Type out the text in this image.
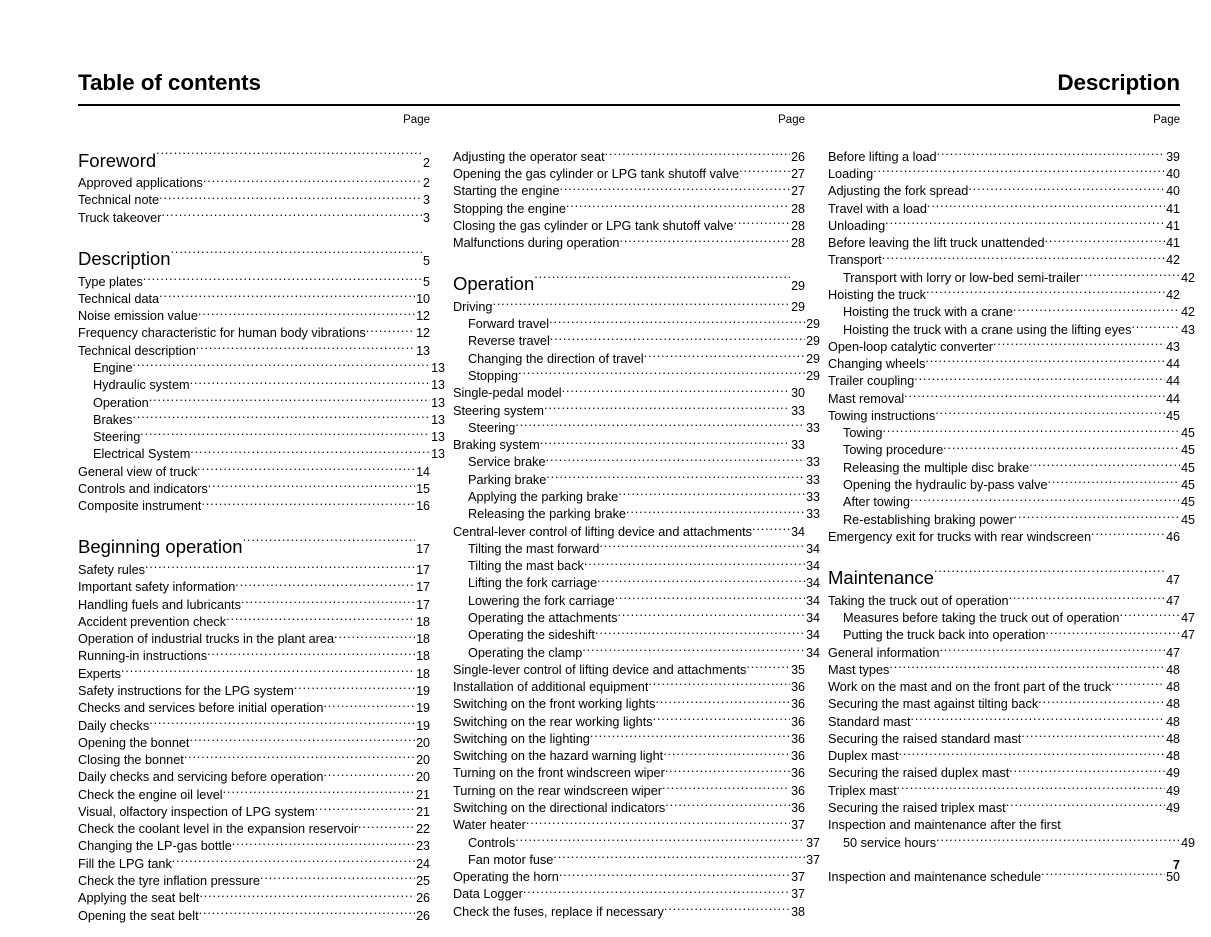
Table of contents	Description
Page
Foreword .....	2
Approved applications .....	2
Technical note .....	3
Truck takeover .....	3
Description .....	5
Type plates .....	5
Technical data .....	10
Noise emission value .....	12
Frequency characteristic for human body vibrations .....	12
Technical description .....	13
Engine .....	13
Hydraulic system .....	13
Operation .....	13
Brakes .....	13
Steering .....	13
Electrical System .....	13
General view of truck .....	14
Controls and indicators .....	15
Composite instrument .....	16
Beginning operation .....	17
Safety rules .....	17
Important safety information .....	17
Handling fuels and lubricants .....	17
Accident prevention check .....	18
Operation of industrial trucks in the plant area .....	18
Running-in instructions .....	18
Experts .....	18
Safety instructions for the LPG system .....	19
Checks and services before initial operation .....	19
Daily checks .....	19
Opening the bonnet .....	20
Closing the bonnet .....	20
Daily checks and servicing before operation .....	20
Check the engine oil level .....	21
Visual, olfactory inspection of LPG system .....	21
Check the coolant level in the expansion reservoir .....	22
Changing the LP-gas bottle .....	23
Fill the LPG tank .....	24
Check the tyre inflation pressure .....	25
Applying the seat belt .....	26
Opening the seat belt .....	26
Page
Adjusting the operator seat .....	26
Opening the gas cylinder or LPG tank shutoff valve .....	27
Starting the engine .....	27
Stopping the engine .....	28
Closing the gas cylinder or LPG tank shutoff valve .....	28
Malfunctions during operation .....	28
Operation .....	29
Driving .....	29
Forward travel .....	29
Reverse travel .....	29
Changing the direction of travel .....	29
Stopping .....	29
Single-pedal model .....	30
Steering system .....	33
Steering .....	33
Braking system .....	33
Service brake .....	33
Parking brake .....	33
Applying the parking brake .....	33
Releasing the parking brake .....	33
Central-lever control of lifting device and attachments .....	34
Tilting the mast forward .....	34
Tilting the mast back .....	34
Lifting the fork carriage .....	34
Lowering the fork carriage .....	34
Operating the attachments .....	34
Operating the sideshift .....	34
Operating the clamp .....	34
Single-lever control of lifting device and attachments .....	35
Installation of additional equipment .....	36
Switching on the front working lights .....	36
Switching on the rear working lights .....	36
Switching on the lighting .....	36
Switching on the hazard warning light .....	36
Turning on the front windscreen wiper .....	36
Turning on the rear windscreen wiper .....	36
Switching on the directional indicators .....	36
Water heater .....	37
Controls .....	37
Fan motor fuse .....	37
Operating the horn .....	37
Data Logger .....	37
Check the fuses, replace if necessary .....	38
Page
Before lifting a load .....	39
Loading .....	40
Adjusting the fork spread .....	40
Travel with a load .....	41
Unloading .....	41
Before leaving the lift truck unattended .....	41
Transport .....	42
Transport with lorry or low-bed semi-trailer .....	42
Hoisting the truck .....	42
Hoisting the truck with a crane .....	42
Hoisting the truck with a crane using the lifting eyes .....	43
Open-loop catalytic converter .....	43
Changing wheels .....	44
Trailer coupling .....	44
Mast removal .....	44
Towing instructions .....	45
Towing .....	45
Towing procedure .....	45
Releasing the multiple disc brake .....	45
Opening the hydraulic by-pass valve .....	45
After towing .....	45
Re-establishing braking power .....	45
Emergency exit for trucks with rear windscreen .....	46
Maintenance .....	47
Taking the truck out of operation .....	47
Measures before taking the truck out of operation .....	47
Putting the truck back into operation .....	47
General information .....	47
Mast types .....	48
Work on the mast and on the front part of the truck .....	48
Securing the mast against tilting back .....	48
Standard mast .....	48
Securing the raised standard mast .....	48
Duplex mast .....	48
Securing the raised duplex mast .....	49
Triplex mast .....	49
Securing the raised triplex mast .....	49
Inspection and maintenance after the first
50 service hours .....	49
Inspection and maintenance schedule .....	50
7
